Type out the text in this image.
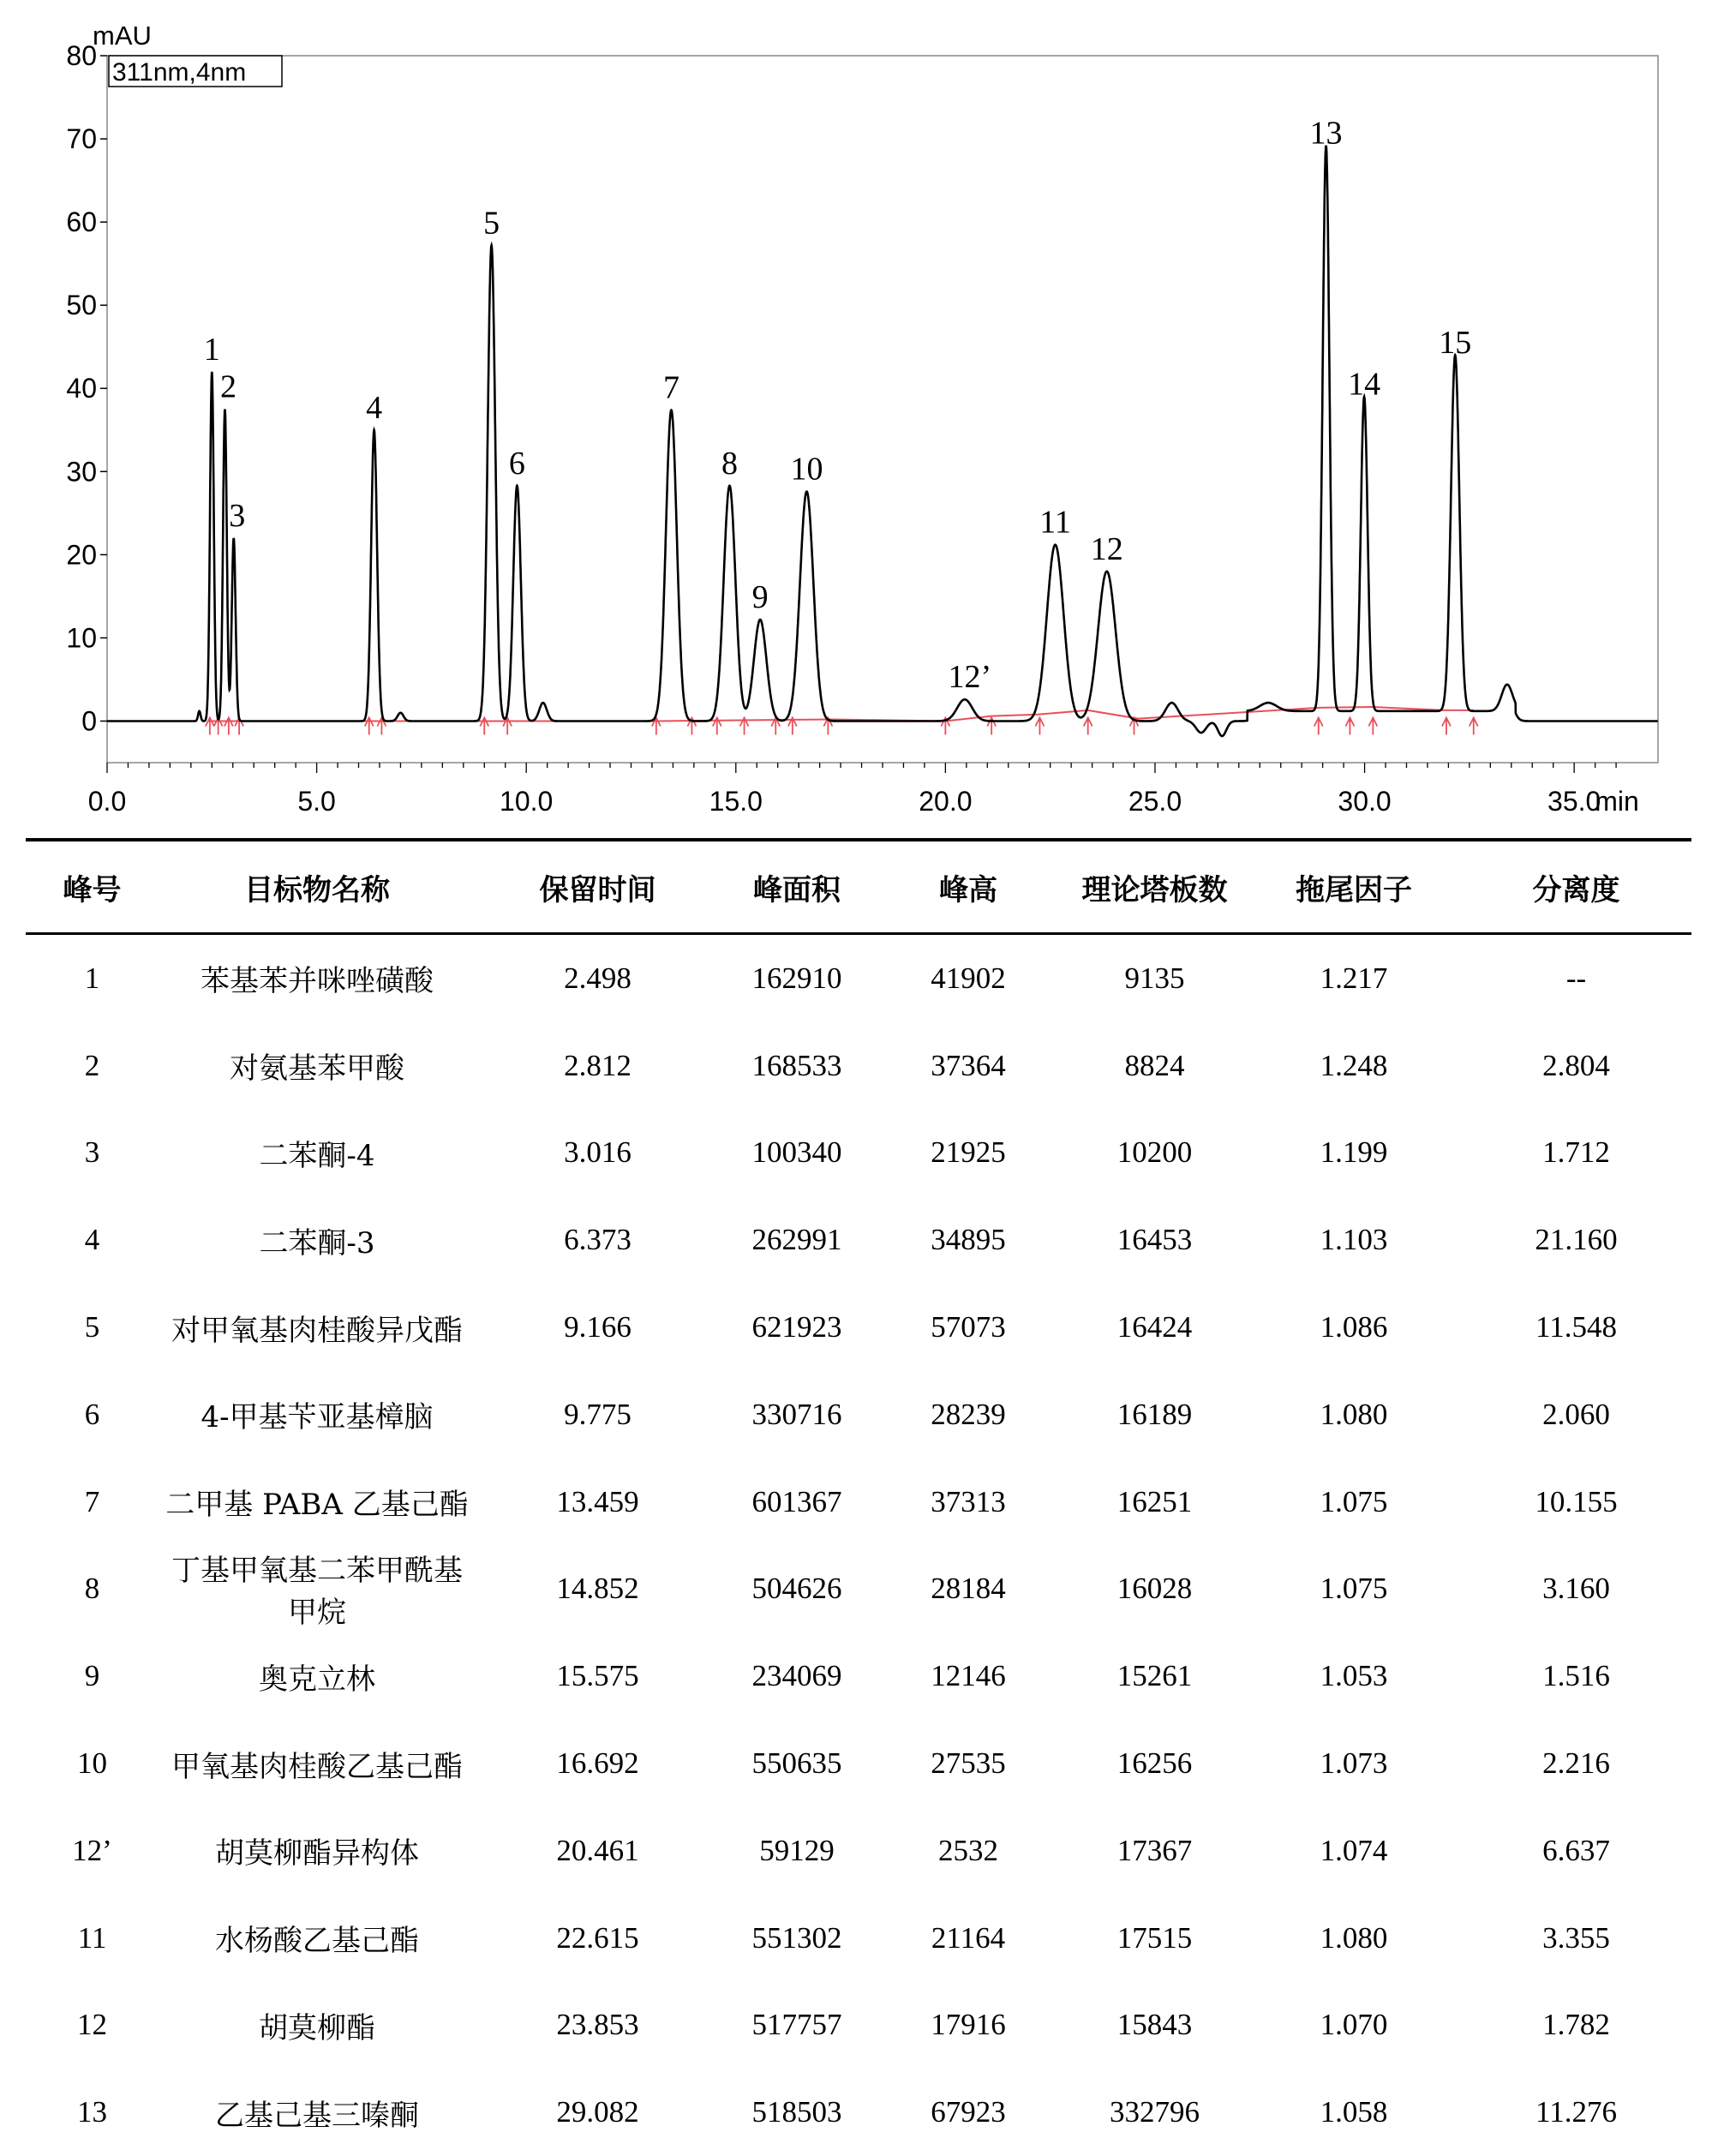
0
10
20
30
40
50
60
70
80
0.0	5.0	10.0	15.0	20.0	25.0	30.0	35.0
1
2
3
4
5
6
7
8
9
10
12’
11
12
13
14
15
mAU
311nm,4nm
min
峰号	目标物名称	保留时间	峰面积	峰高	理论塔板数	拖尾因子	分离度
1	苯基苯并咪唑磺酸	2.498	162910	41902	9135	1.217	--
2	对氨基苯甲酸	2.812	168533	37364	8824	1.248	2.804
3	二苯酮-4	3.016	100340	21925	10200	1.199	1.712
4	二苯酮-3	6.373	262991	34895	16453	1.103	21.160
5	对甲氧基肉桂酸异戊酯	9.166	621923	57073	16424	1.086	11.548
6	4-甲基苄亚基樟脑	9.775	330716	28239	16189	1.080	2.060
7	二甲基 PABA 乙基己酯	13.459	601367	37313	16251	1.075	10.155
8	丁基甲氧基二苯甲酰基甲烷	14.852	504626	28184	16028	1.075	3.160
9	奥克立林	15.575	234069	12146	15261	1.053	1.516
10	甲氧基肉桂酸乙基己酯	16.692	550635	27535	16256	1.073	2.216
12’	胡莫柳酯异构体	20.461	59129	2532	17367	1.074	6.637
11	水杨酸乙基己酯	22.615	551302	21164	17515	1.080	3.355
12	胡莫柳酯	23.853	517757	17916	15843	1.070	1.782
13	乙基己基三嗪酮	29.082	518503	67923	332796	1.058	11.276
